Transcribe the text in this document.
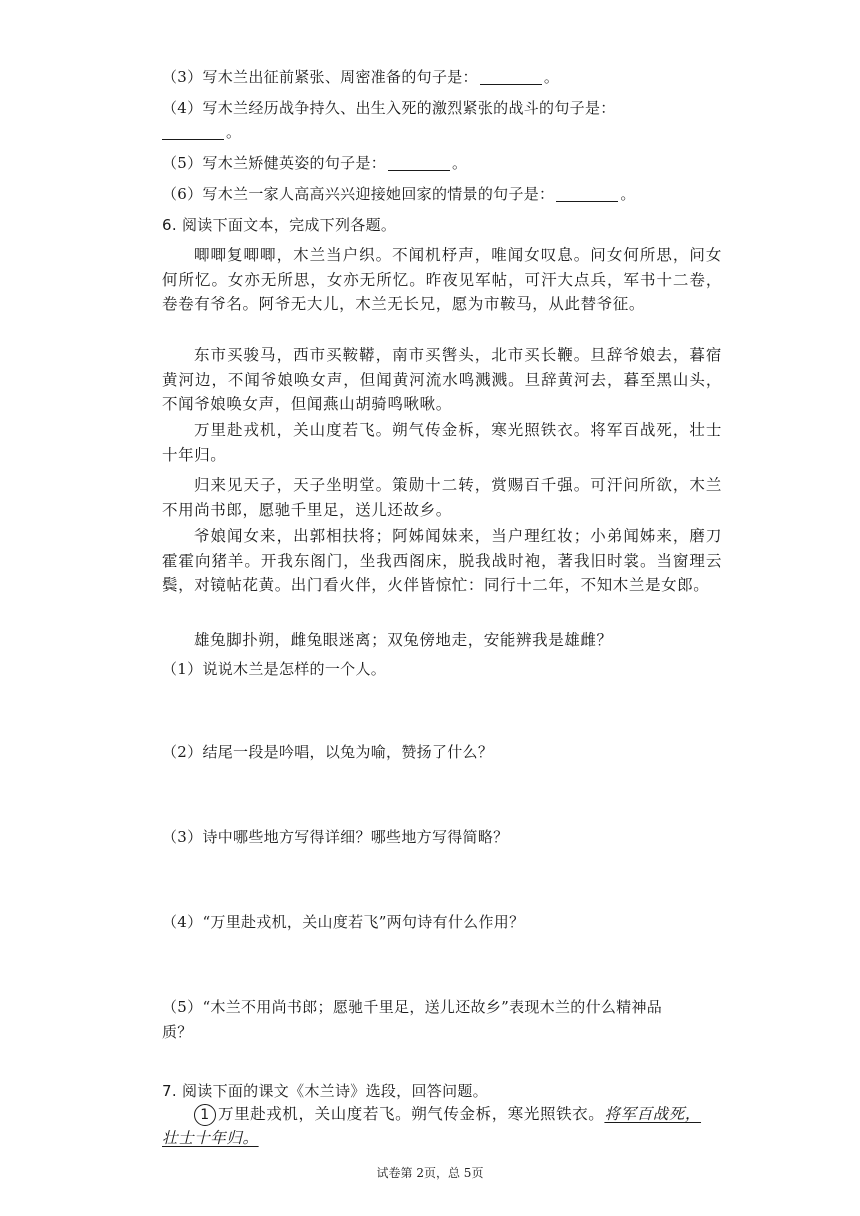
（3）写木兰出征前紧张、周密准备的句子是：	。
（4）写木兰经历战争持久、出生入死的激烈紧张的战斗的句子是：
。
（5）写木兰矫健英姿的句子是：	。
（6）写木兰一家人高高兴兴迎接她回家的情景的句子是：	。
6. 阅读下面文本，完成下列各题。
唧唧复唧唧，木兰当户织。不闻机杼声，唯闻女叹息。问女何所思，问女何所忆。女亦无所思，女亦无所忆。昨夜见军帖，可汗大点兵，军书十二卷，卷卷有爷名。阿爷无大儿，木兰无长兄，愿为市鞍马，从此替爷征。
东市买骏马，西市买鞍鞯，南市买辔头，北市买长鞭。旦辞爷娘去，暮宿黄河边，不闻爷娘唤女声，但闻黄河流水鸣溅溅。旦辞黄河去，暮至黑山头，不闻爷娘唤女声，但闻燕山胡骑鸣啾啾。
万里赴戎机，关山度若飞。朔气传金柝，寒光照铁衣。将军百战死，壮士十年归。
归来见天子，天子坐明堂。策勋十二转，赏赐百千强。可汗问所欲，木兰不用尚书郎，愿驰千里足，送儿还故乡。
爷娘闻女来，出郭相扶将；阿姊闻妹来，当户理红妆；小弟闻姊来，磨刀霍霍向猪羊。开我东阁门，坐我西阁床，脱我战时袍，著我旧时裳。当窗理云鬓，对镜帖花黄。出门看火伴，火伴皆惊忙：同行十二年，不知木兰是女郎。
雄兔脚扑朔，雌兔眼迷离；双兔傍地走，安能辨我是雄雌？
（1）说说木兰是怎样的一个人。
（2）结尾一段是吟唱，以兔为喻，赞扬了什么？
（3）诗中哪些地方写得详细？哪些地方写得简略？
（4）“万里赴戎机，关山度若飞”两句诗有什么作用？
（5）“木兰不用尚书郎；愿驰千里足，送儿还故乡”表现木兰的什么精神品
质？
7. 阅读下面的课文《木兰诗》选段，回答问题。
1 万里赴戎机，关山度若飞。朔气传金柝，寒光照铁衣。将军百战死，
壮士十年归。
试卷第 2页，总 5页
